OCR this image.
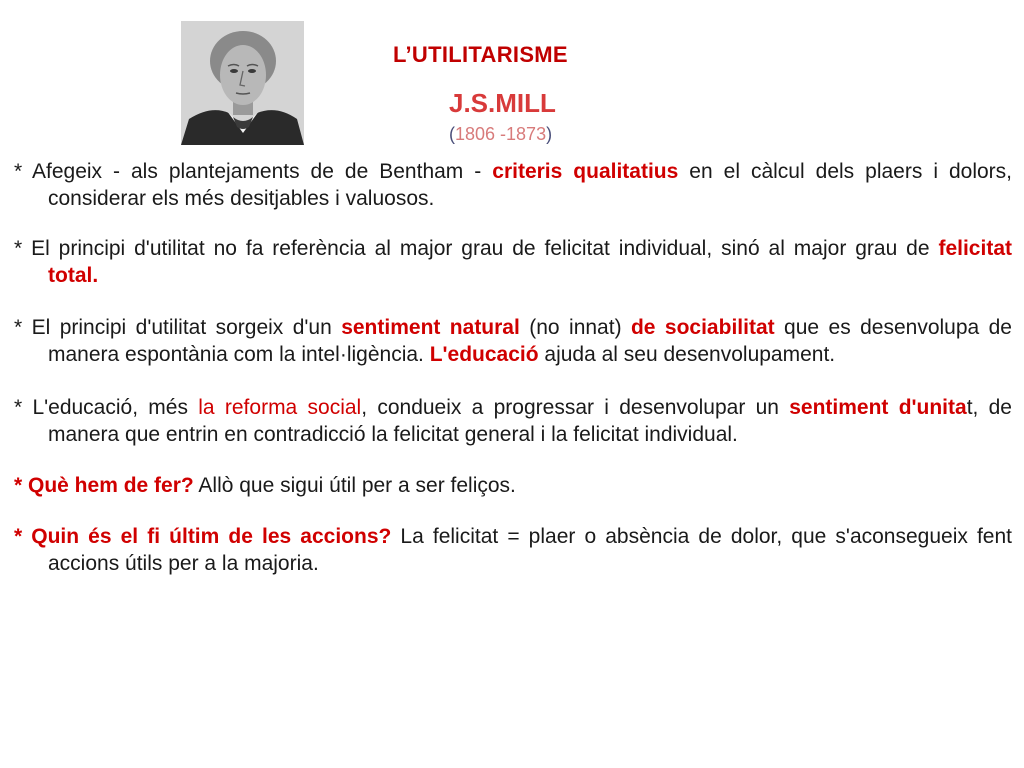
L’UTILITARISME
J.S.MILL
(1806 -1873)

* Afegeix - als plantejaments de de Bentham - criteris qualitatius en el càlcul dels plaers i dolors, considerar els més desitjables i valuosos.

* El principi d'utilitat no fa referència al major grau de felicitat individual, sinó al major grau de felicitat total.

* El principi d'utilitat sorgeix d'un sentiment natural (no innat) de sociabilitat que es desenvolupa de manera espontània com la intel·ligència. L'educació ajuda al seu desenvolupament.

* L'educació, més la reforma social, condueix a progressar i desenvolupar un sentiment d'unitat, de manera que entrin en contradicció la felicitat general i la felicitat individual.

* Què hem de fer? Allò que sigui útil per a ser feliços.

* Quin és el fi últim de les accions? La felicitat = plaer o absència de dolor, que s'aconsegueix fent accions útils per a la majoria.
